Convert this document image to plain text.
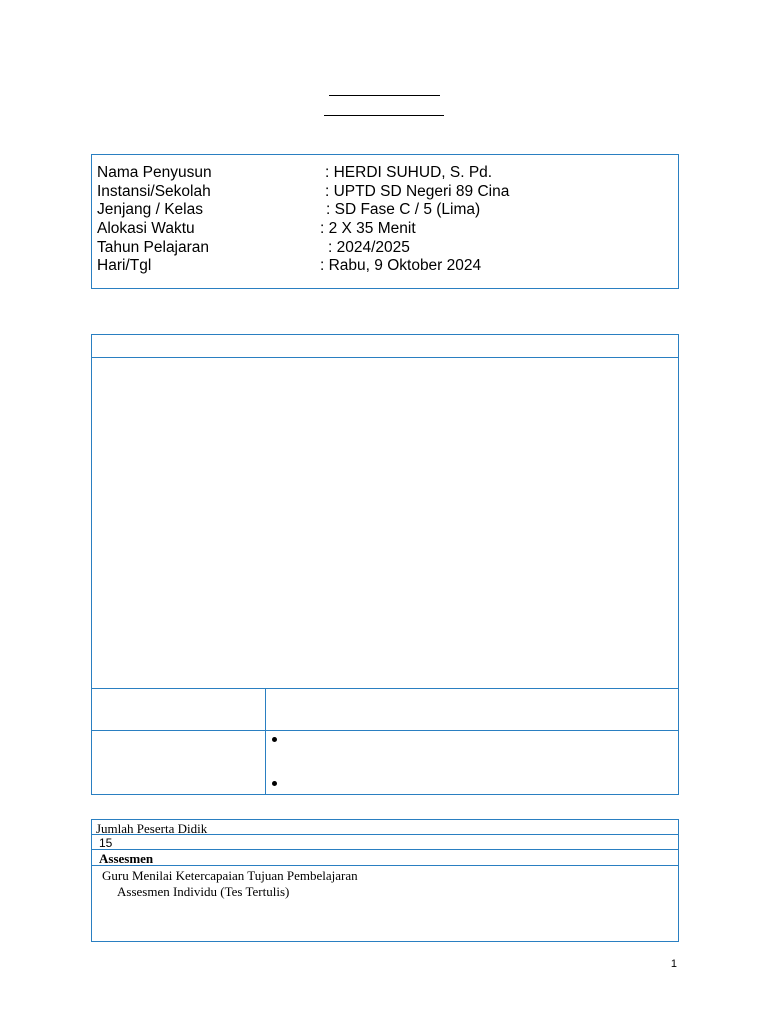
Nama Penyusun	: HERDI SUHUD, S. Pd.
Instansi/Sekolah	: UPTD SD Negeri 89 Cina
Jenjang / Kelas	: SD Fase C / 5 (Lima)
Alokasi Waktu	: 2 X 35 Menit
Tahun Pelajaran	: 2024/2025
Hari/Tgl	: Rabu, 9 Oktober 2024
Jumlah Peserta Didik
15
Assesmen
Guru Menilai Ketercapaian Tujuan Pembelajaran
Assesmen Individu (Tes Tertulis)
1
